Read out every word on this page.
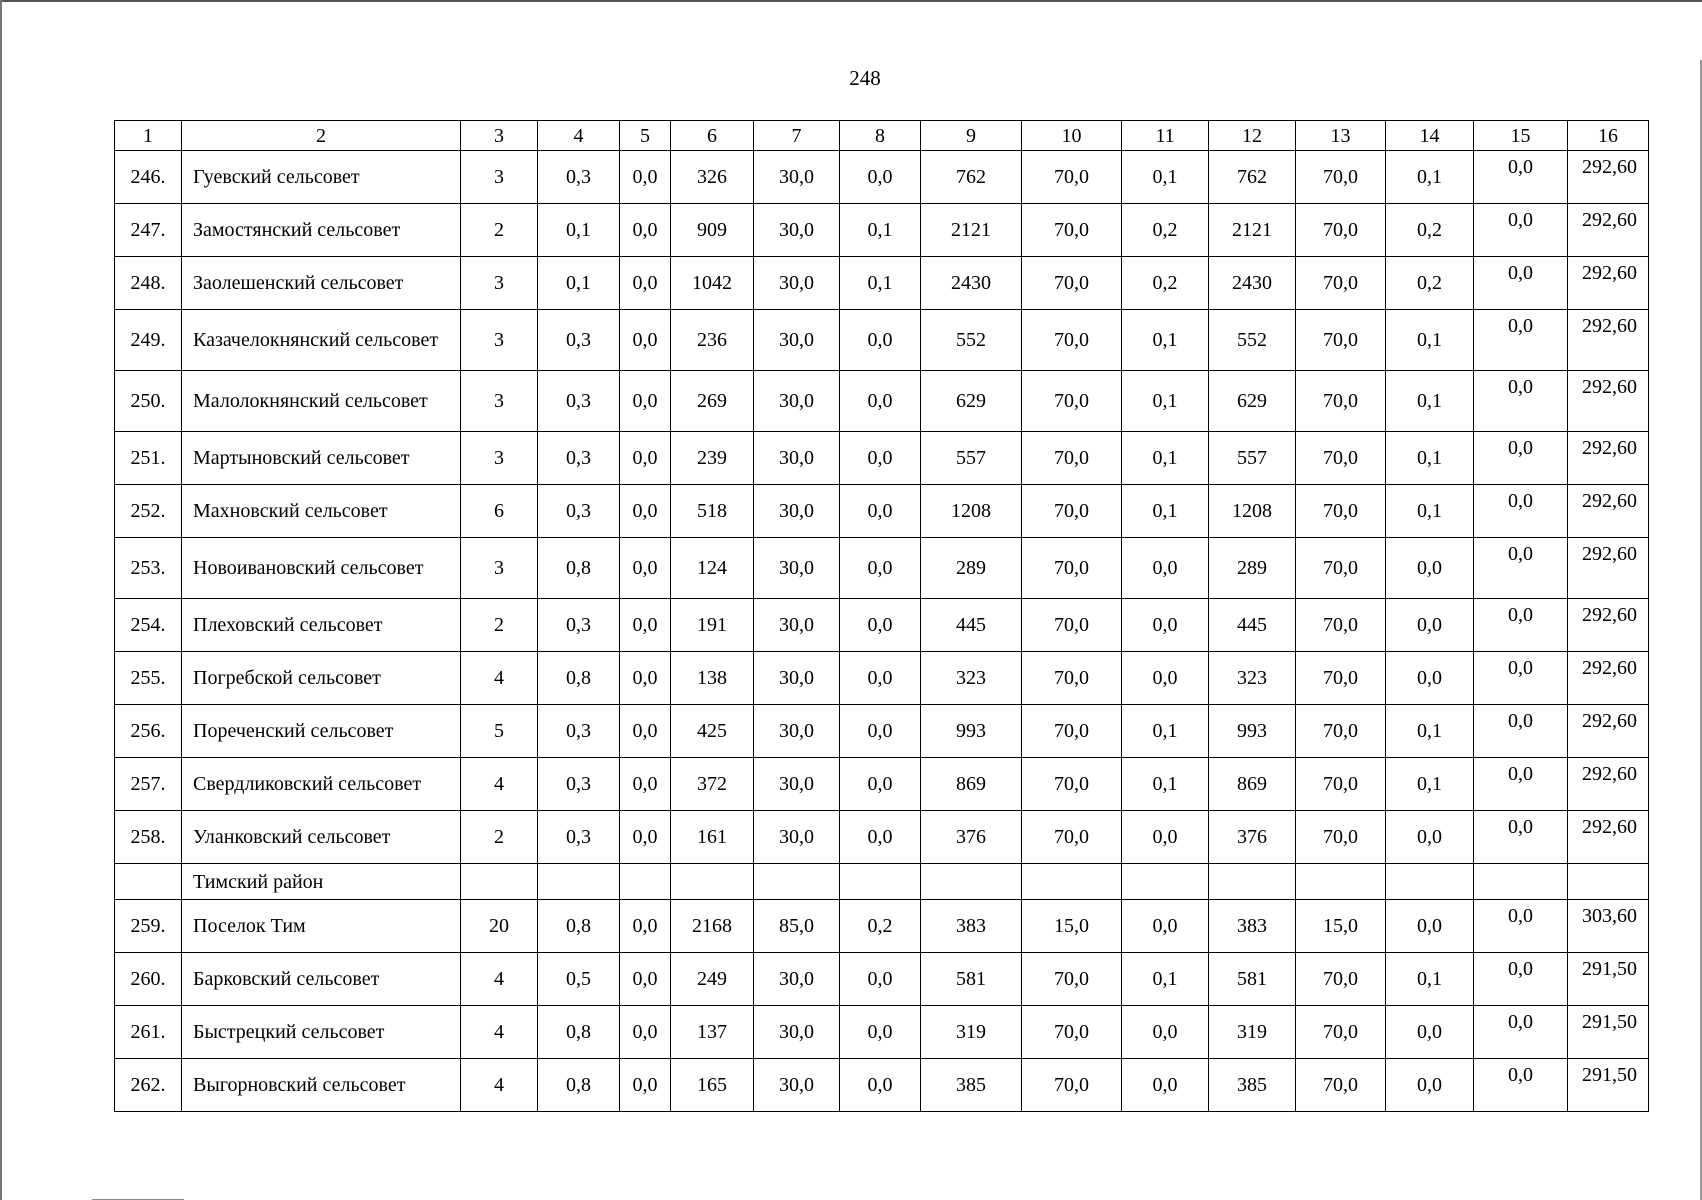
248
1	2	3	4	5	6	7	8	9	10	11	12	13	14	15	16
246.	Гуевский сельсовет	3	0,3	0,0	326	30,0	0,0	762	70,0	0,1	762	70,0	0,1	0,0	292,60
247.	Замостянский сельсовет	2	0,1	0,0	909	30,0	0,1	2121	70,0	0,2	2121	70,0	0,2	0,0	292,60
248.	Заолешенский сельсовет	3	0,1	0,0	1042	30,0	0,1	2430	70,0	0,2	2430	70,0	0,2	0,0	292,60
249.	Казачелокнянский сельсовет	3	0,3	0,0	236	30,0	0,0	552	70,0	0,1	552	70,0	0,1	0,0	292,60
250.	Малолокнянский сельсовет	3	0,3	0,0	269	30,0	0,0	629	70,0	0,1	629	70,0	0,1	0,0	292,60
251.	Мартыновский сельсовет	3	0,3	0,0	239	30,0	0,0	557	70,0	0,1	557	70,0	0,1	0,0	292,60
252.	Махновский сельсовет	6	0,3	0,0	518	30,0	0,0	1208	70,0	0,1	1208	70,0	0,1	0,0	292,60
253.	Новоивановский сельсовет	3	0,8	0,0	124	30,0	0,0	289	70,0	0,0	289	70,0	0,0	0,0	292,60
254.	Плеховский сельсовет	2	0,3	0,0	191	30,0	0,0	445	70,0	0,0	445	70,0	0,0	0,0	292,60
255.	Погребской сельсовет	4	0,8	0,0	138	30,0	0,0	323	70,0	0,0	323	70,0	0,0	0,0	292,60
256.	Пореченский сельсовет	5	0,3	0,0	425	30,0	0,0	993	70,0	0,1	993	70,0	0,1	0,0	292,60
257.	Свердликовский сельсовет	4	0,3	0,0	372	30,0	0,0	869	70,0	0,1	869	70,0	0,1	0,0	292,60
258.	Уланковский сельсовет	2	0,3	0,0	161	30,0	0,0	376	70,0	0,0	376	70,0	0,0	0,0	292,60
	Тимский район														
259.	Поселок Тим	20	0,8	0,0	2168	85,0	0,2	383	15,0	0,0	383	15,0	0,0	0,0	303,60
260.	Барковский сельсовет	4	0,5	0,0	249	30,0	0,0	581	70,0	0,1	581	70,0	0,1	0,0	291,50
261.	Быстрецкий сельсовет	4	0,8	0,0	137	30,0	0,0	319	70,0	0,0	319	70,0	0,0	0,0	291,50
262.	Выгорновский сельсовет	4	0,8	0,0	165	30,0	0,0	385	70,0	0,0	385	70,0	0,0	0,0	291,50
